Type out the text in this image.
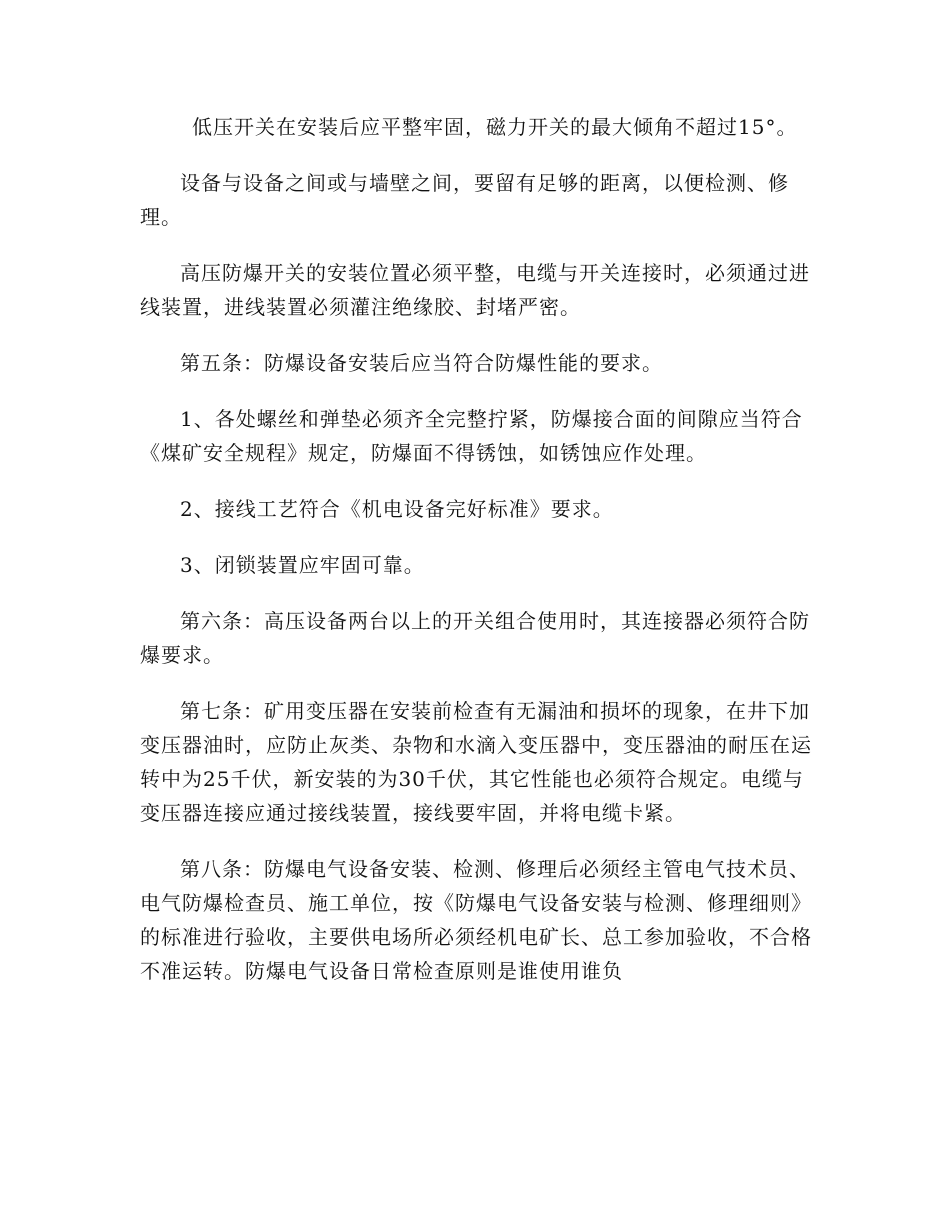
低压开关在安装后应平整牢固，磁力开关的最大倾角不超过15°。

设备与设备之间或与墙壁之间，要留有足够的距离，以便检测、修理。

高压防爆开关的安装位置必须平整，电缆与开关连接时，必须通过进线装置，进线装置必须灌注绝缘胶、封堵严密。

第五条：防爆设备安装后应当符合防爆性能的要求。

1、各处螺丝和弹垫必须齐全完整拧紧，防爆接合面的间隙应当符合《煤矿安全规程》规定，防爆面不得锈蚀，如锈蚀应作处理。

2、接线工艺符合《机电设备完好标准》要求。

3、闭锁装置应牢固可靠。

第六条：高压设备两台以上的开关组合使用时，其连接器必须符合防爆要求。

第七条：矿用变压器在安装前检查有无漏油和损坏的现象，在井下加变压器油时，应防止灰类、杂物和水滴入变压器中，变压器油的耐压在运转中为25千伏，新安装的为30千伏，其它性能也必须符合规定。电缆与变压器连接应通过接线装置，接线要牢固，并将电缆卡紧。

第八条：防爆电气设备安装、检测、修理后必须经主管电气技术员、电气防爆检查员、施工单位，按《防爆电气设备安装与检测、修理细则》的标准进行验收，主要供电场所必须经机电矿长、总工参加验收，不合格不准运转。防爆电气设备日常检查原则是谁使用谁负
